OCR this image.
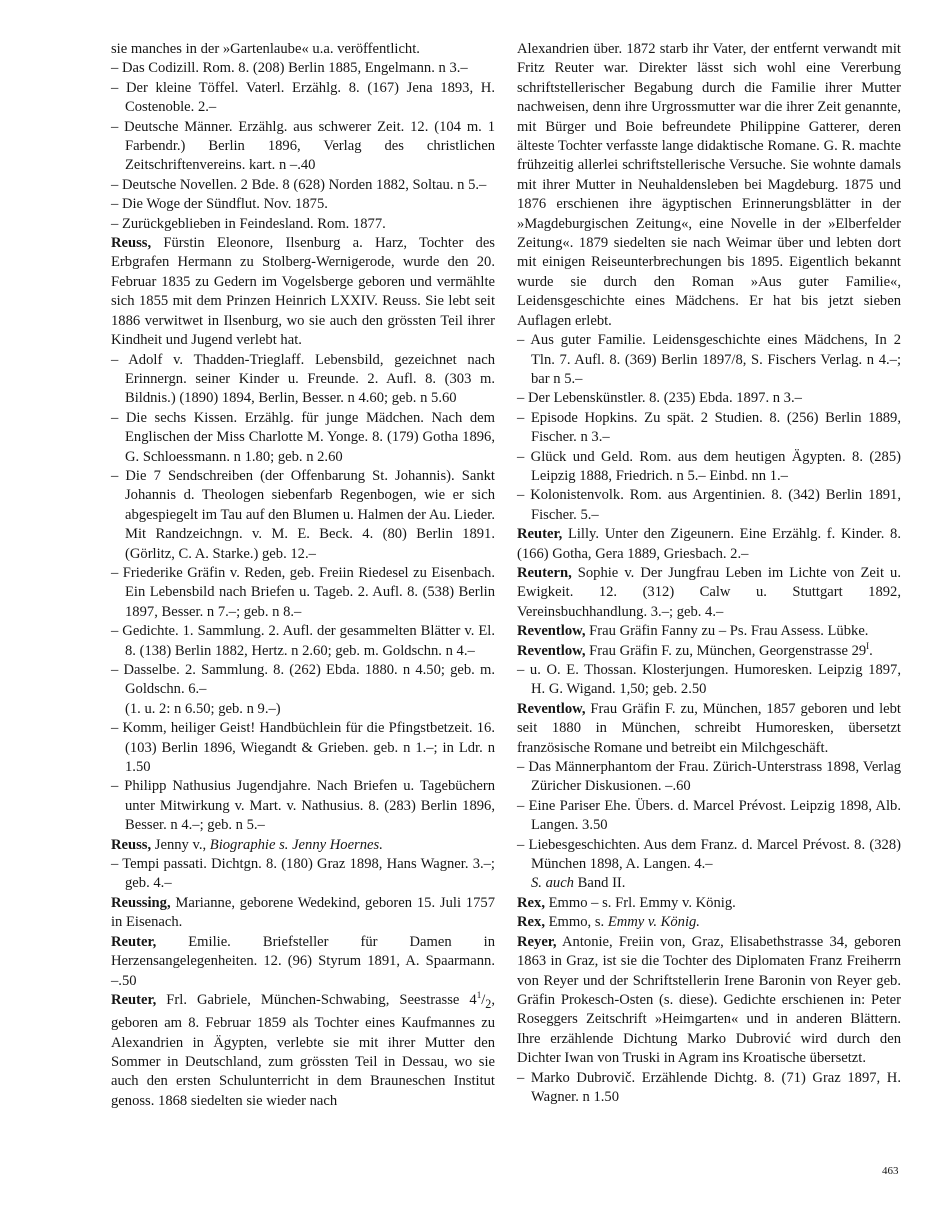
sie manches in der »Gartenlaube« u.a. veröffentlicht.

– Das Codizill. Rom. 8. (208) Berlin 1885, Engelmann. n 3.–

– Der kleine Töffel. Vaterl. Erzählg. 8. (167) Jena 1893, H. Costenoble. 2.–

– Deutsche Männer. Erzählg. aus schwerer Zeit. 12. (104 m. 1 Farbendr.) Berlin 1896, Verlag des christlichen Zeitschriftenvereins. kart. n –.40

– Deutsche Novellen. 2 Bde. 8 (628) Norden 1882, Soltau. n 5.–

– Die Woge der Sündflut. Nov. 1875.

– Zurückgeblieben in Feindesland. Rom. 1877.

Reuss, Fürstin Eleonore, Ilsenburg a. Harz, Tochter des Erbgrafen Hermann zu Stolberg-Wernigerode, wurde den 20. Februar 1835 zu Gedern im Vogelsberge geboren und vermählte sich 1855 mit dem Prinzen Heinrich LXXIV. Reuss. Sie lebt seit 1886 verwitwet in Ilsenburg, wo sie auch den grössten Teil ihrer Kindheit und Jugend verlebt hat.

– Adolf v. Thadden-Trieglaff. Lebensbild, gezeichnet nach Erinnergn. seiner Kinder u. Freunde. 2. Aufl. 8. (303 m. Bildnis.) (1890) 1894, Berlin, Besser. n 4.60; geb. n 5.60

– Die sechs Kissen. Erzählg. für junge Mädchen. Nach dem Englischen der Miss Charlotte M. Yonge. 8. (179) Gotha 1896, G. Schloessmann. n 1.80; geb. n 2.60

– Die 7 Sendschreiben (der Offenbarung St. Johannis). Sankt Johannis d. Theologen siebenfarb Regenbogen, wie er sich abgespiegelt im Tau auf den Blumen u. Halmen der Au. Lieder. Mit Randzeichngn. v. M. E. Beck. 4. (80) Berlin 1891. (Görlitz, C. A. Starke.) geb. 12.–

– Friederike Gräfin v. Reden, geb. Freiin Riedesel zu Eisenbach. Ein Lebensbild nach Briefen u. Tageb. 2. Aufl. 8. (538) Berlin 1897, Besser. n 7.–; geb. n 8.–

– Gedichte. 1. Sammlung. 2. Aufl. der gesammelten Blätter v. El. 8. (138) Berlin 1882, Hertz. n 2.60; geb. m. Goldschn. n 4.–

– Dasselbe. 2. Sammlung. 8. (262) Ebda. 1880. n 4.50; geb. m. Goldschn. 6.–

(1. u. 2: n 6.50; geb. n 9.–)

– Komm, heiliger Geist! Handbüchlein für die Pfingstbetzeit. 16. (103) Berlin 1896, Wiegandt & Grieben. geb. n 1.–; in Ldr. n 1.50

– Philipp Nathusius Jugendjahre. Nach Briefen u. Tagebüchern unter Mitwirkung v. Mart. v. Nathusius. 8. (283) Berlin 1896, Besser. n 4.–; geb. n 5.–

Reuss, Jenny v., Biographie s. Jenny Hoernes.

– Tempi passati. Dichtgn. 8. (180) Graz 1898, Hans Wagner. 3.–; geb. 4.–

Reussing, Marianne, geborene Wedekind, geboren 15. Juli 1757 in Eisenach.

Reuter, Emilie. Briefsteller für Damen in Herzensangelegenheiten. 12. (96) Styrum 1891, A. Spaarmann. –.50

Reuter, Frl. Gabriele, München-Schwabing, Seestrasse $4^1/_2$, geboren am 8. Februar 1859 als Tochter eines Kaufmannes zu Alexandrien in Ägypten, verlebte sie mit ihrer Mutter den Sommer in Deutschland, zum grössten Teil in Dessau, wo sie auch den ersten Schulunterricht in dem Brauneschen Institut genoss. 1868 siedelten sie wieder nach

Alexandrien über. 1872 starb ihr Vater, der entfernt verwandt mit Fritz Reuter war. Direkter lässt sich wohl eine Vererbung schriftstellerischer Begabung durch die Familie ihrer Mutter nachweisen, denn ihre Urgrossmutter war die ihrer Zeit genannte, mit Bürger und Boie befreundete Philippine Gatterer, deren älteste Tochter verfasste lange didaktische Romane. G. R. machte frühzeitig allerlei schriftstellerische Versuche. Sie wohnte damals mit ihrer Mutter in Neuhaldensleben bei Magdeburg. 1875 und 1876 erschienen ihre ägyptischen Erinnerungsblätter in der »Magdeburgischen Zeitung«, eine Novelle in der »Elberfelder Zeitung«. 1879 siedelten sie nach Weimar über und lebten dort mit einigen Reiseunterbrechungen bis 1895. Eigentlich bekannt wurde sie durch den Roman »Aus guter Familie«, Leidensgeschichte eines Mädchens. Er hat bis jetzt sieben Auflagen erlebt.

– Aus guter Familie. Leidensgeschichte eines Mädchens, In 2 Tln. 7. Aufl. 8. (369) Berlin 1897/8, S. Fischers Verlag. n 4.–; bar n 5.–

– Der Lebenskünstler. 8. (235) Ebda. 1897. n 3.–

– Episode Hopkins. Zu spät. 2 Studien. 8. (256) Berlin 1889, Fischer. n 3.–

– Glück und Geld. Rom. aus dem heutigen Ägypten. 8. (285) Leipzig 1888, Friedrich. n 5.– Einbd. nn 1.–

– Kolonistenvolk. Rom. aus Argentinien. 8. (342) Berlin 1891, Fischer. 5.–

Reuter, Lilly. Unter den Zigeunern. Eine Erzählg. f. Kinder. 8. (166) Gotha, Gera 1889, Griesbach. 2.–

Reutern, Sophie v. Der Jungfrau Leben im Lichte von Zeit u. Ewigkeit. 12. (312) Calw u. Stuttgart 1892, Vereinsbuchhandlung. 3.–; geb. 4.–

Reventlow, Frau Gräfin Fanny zu – Ps. Frau Assess. Lübke.

Reventlow, Frau Gräfin F. zu, München, Georgenstrasse $29^I$.

– u. O. E. Thossan. Klosterjungen. Humoresken. Leipzig 1897, H. G. Wigand. 1,50; geb. 2.50

Reventlow, Frau Gräfin F. zu, München, 1857 geboren und lebt seit 1880 in München, schreibt Humoresken, übersetzt französische Romane und betreibt ein Milchgeschäft.

– Das Männerphantom der Frau. Zürich-Unterstrass 1898, Verlag Züricher Diskusionen. –.60

– Eine Pariser Ehe. Übers. d. Marcel Prévost. Leipzig 1898, Alb. Langen. 3.50

– Liebesgeschichten. Aus dem Franz. d. Marcel Prévost. 8. (328) München 1898, A. Langen. 4.–

S. auch Band II.

Rex, Emmo – s. Frl. Emmy v. König.

Rex, Emmo, s. Emmy v. König.

Reyer, Antonie, Freiin von, Graz, Elisabethstrasse 34, geboren 1863 in Graz, ist sie die Tochter des Diplomaten Franz Freiherrn von Reyer und der Schriftstellerin Irene Baronin von Reyer geb. Gräfin Prokesch-Osten (s. diese). Gedichte erschienen in: Peter Roseggers Zeitschrift »Heimgarten« und in anderen Blättern. Ihre erzählende Dichtung Marko Dubrović wird durch den Dichter Iwan von Truski in Agram ins Kroatische übersetzt.

– Marko Dubrovič. Erzählende Dichtg. 8. (71) Graz 1897, H. Wagner. n 1.50

463
